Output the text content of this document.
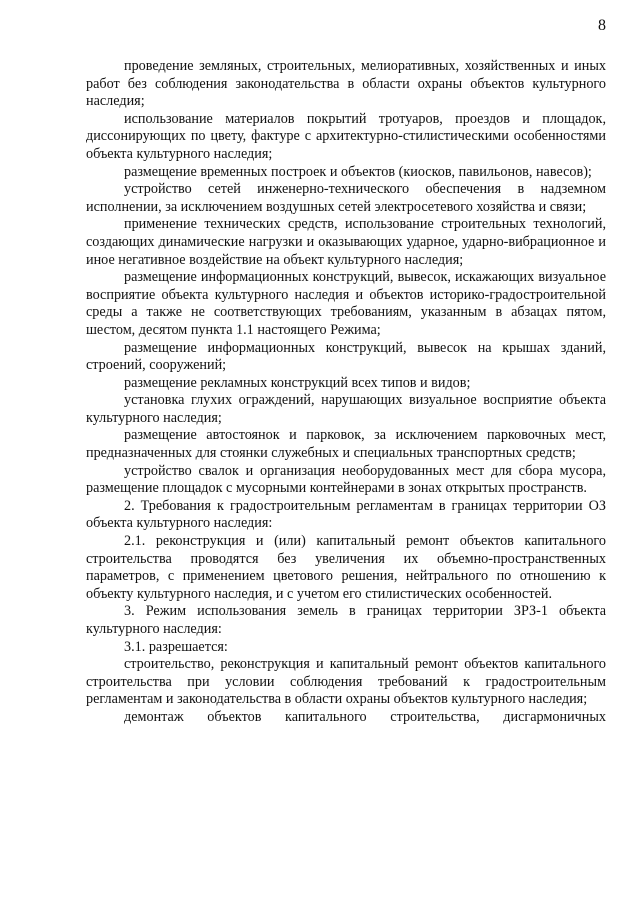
8

проведение земляных, строительных, мелиоративных, хозяйственных и иных работ без соблюдения законодательства в области охраны объектов культурного наследия;

использование материалов покрытий тротуаров, проездов и площадок, диссонирующих по цвету, фактуре с архитектурно-стилистическими особенностями объекта культурного наследия;

размещение временных построек и объектов (киосков, павильонов, навесов);

устройство сетей инженерно-технического обеспечения в надземном исполнении, за исключением воздушных сетей электросетевого хозяйства и связи;

применение технических средств, использование строительных технологий, создающих динамические нагрузки и оказывающих ударное, ударно-вибрационное и иное негативное воздействие на объект культурного наследия;

размещение информационных конструкций, вывесок, искажающих визуальное восприятие объекта культурного наследия и объектов историко-градостроительной среды а также не соответствующих требованиям, указанным в абзацах пятом, шестом, десятом пункта 1.1 настоящего Режима;

размещение информационных конструкций, вывесок на крышах зданий, строений, сооружений;

размещение рекламных конструкций всех типов и видов;

установка глухих ограждений, нарушающих визуальное восприятие объекта культурного наследия;

размещение автостоянок и парковок, за исключением парковочных мест, предназначенных для стоянки служебных и специальных транспортных средств;

устройство свалок и организация необорудованных мест для сбора мусора, размещение площадок с мусорными контейнерами в зонах открытых пространств.

2. Требования к градостроительным регламентам в границах территории ОЗ объекта культурного наследия:

2.1. реконструкция и (или) капитальный ремонт объектов капитального строительства проводятся без увеличения их объемно-пространственных параметров, с применением цветового решения, нейтрального по отношению к объекту культурного наследия, и с учетом его стилистических особенностей.

3. Режим использования земель в границах территории ЗРЗ-1 объекта культурного наследия:

3.1. разрешается:

строительство, реконструкция и капитальный ремонт объектов капитального строительства при условии соблюдения требований к градостроительным регламентам и законодательства в области охраны объектов культурного наследия;

демонтаж объектов капитального строительства, дисгармоничных
